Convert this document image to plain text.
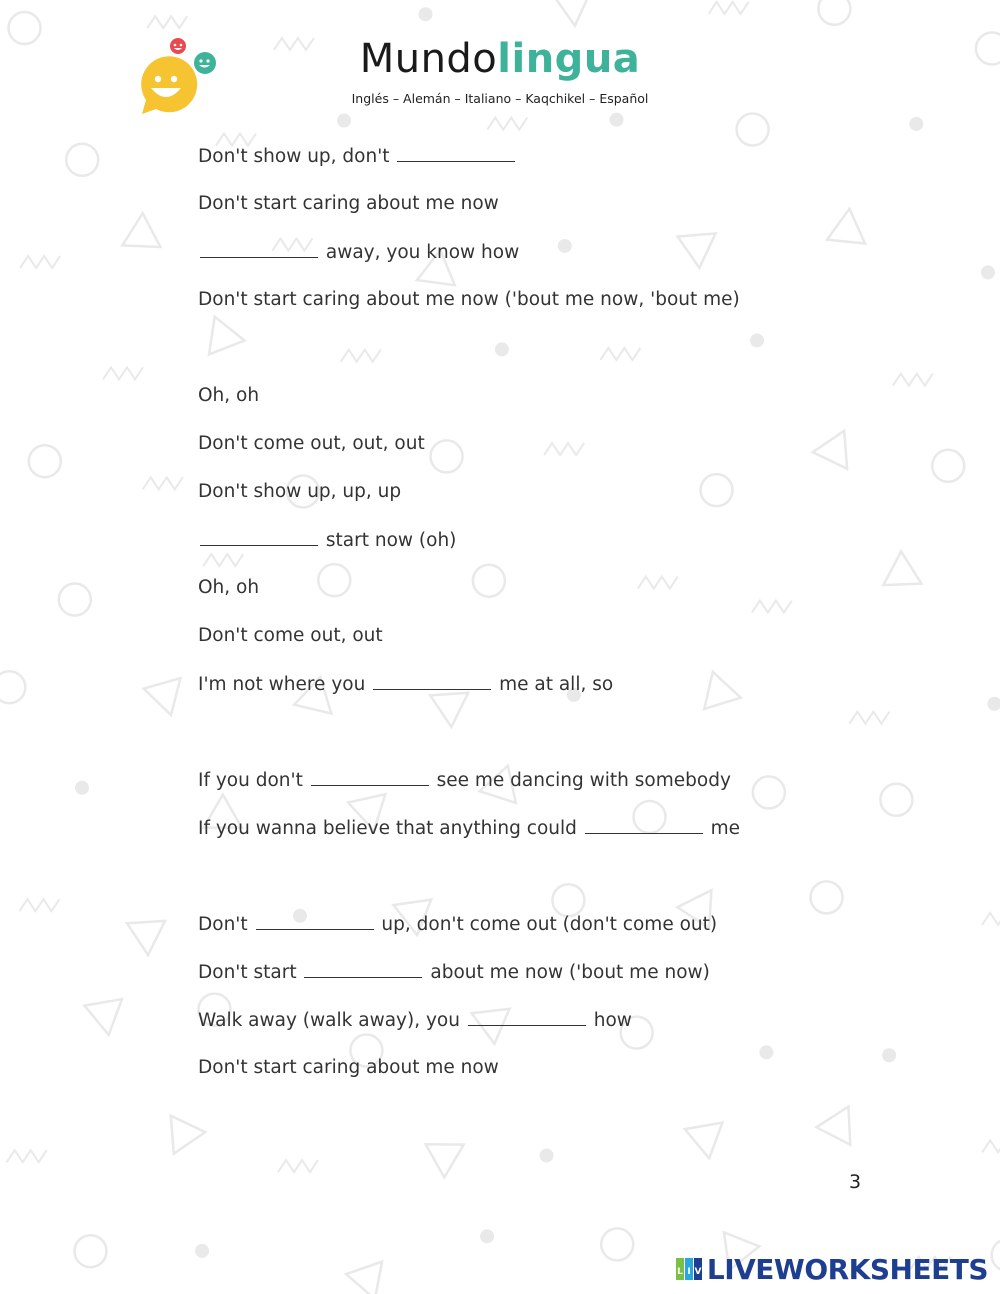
Mundolingua
Inglés – Alemán – Italiano – Kaqchikel – Español
Don't show up, don't
Don't start caring about me now
away, you know how
Don't start caring about me now ('bout me now, 'bout me)
Oh, oh
Don't come out, out, out
Don't show up, up, up
start now (oh)
Oh, oh
Don't come out, out
I'm not where you	me at all, so
If you don't	see me dancing with somebody
If you wanna believe that anything could	me
Don't	up, don't come out (don't come out)
Don't start	about me now ('bout me now)
Walk away (walk away), you	how
Don't start caring about me now
3
L I V LIVEWORKSHEETS
